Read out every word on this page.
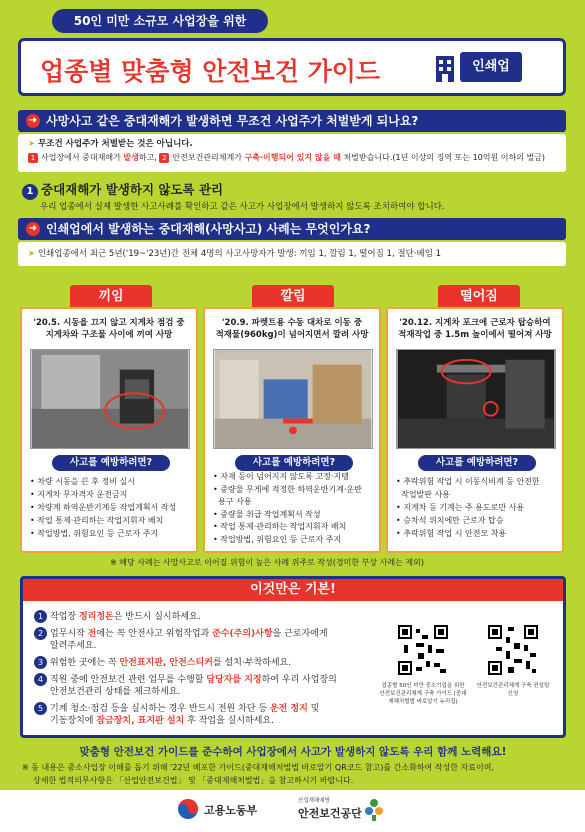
50인 미만 소규모 사업장을 위한
업종별 맞춤형 안전보건 가이드	인쇄업
➜ 사망사고 같은 중대재해가 발생하면 무조건 사업주가 처벌받게 되나요?
➤ 무조건 사업주가 처벌받는 것은 아닙니다.
1 사업장에서 중대재해가 발생하고, 2 안전보건관리체계가 구축·이행되어 있지 않을 때 처벌받습니다.(1년 이상의 징역 또는 10억원 이하의 벌금)
1 중대재해가 발생하지 않도록 관리
우리 업종에서 실제 발생한 사고사례를 확인하고 같은 사고가 사업장에서 발생하지 않도록 조치하여야 합니다.
➜ 인쇄업에서 발생하는 중대재해(사망사고) 사례는 무엇인가요?
➤ 인쇄업종에서 최근 5년('19~'23년)간 전체 4명의 사고사망자가 발생: 끼임 1, 깔림 1, 떨어짐 1, 절단·베임 1
끼임	깔림	떨어짐
'20.5. 시동을 끄지 않고 지게차 점검 중
지게차와 구조물 사이에 끼여 사망
사고를 예방하려면?
• 차량 시동을 끈 후 정비 실시
• 지게차 무자격자 운전금지
• 차량계 하역운반기계등 작업계획서 작성
• 작업 통제·관리하는 작업지휘자 배치
• 작업방법, 위험요인 등 근로자 주지
'20.9. 파렛트용 수동 대차로 이동 중
적재물(960kg)이 넘어지면서 깔려 사망
사고를 예방하려면?
• 자재 등이 넘어지지 않도록 고정·지탱
• 중량물 무게에 적정한 하역운반기계·운반
용구 사용
• 중량물 취급 작업계획서 작성
• 작업 통제·관리하는 작업지휘자 배치
• 작업방법, 위험요인 등 근로자 주지
'20.12. 지게차 포크에 근로자 탑승하여
적재작업 중 1.5m 높이에서 떨어져 사망
사고를 예방하려면?
• 추락위험 작업 시 이동식비계 등 안전한
작업발판 사용
• 지게차 등 기계는 주 용도로만 사용
• 승차석 위치에만 근로자 탑승
• 추락위험 작업 시 안전모 착용
※ 해당 사례는 사망사고로 이어질 위험이 높은 사례 위주로 작성(경미한 부상 사례는 제외)
이것만은 기본!
1 작업장 정리정돈은 반드시 실시하세요.
2 업무시작 전에는 꼭 안전사고 위험작업과 준수(주의)사항을 근로자에게
알려주세요.
3 위험한 곳에는 꼭 안전표지판, 안전스티커를 설치·부착하세요.
4 직원 중에 안전보건 관련 업무를 수행할 담당자를 지정하여 우리 사업장의
안전보건관리 상태를 체크하세요.
5 기계 청소·점검 등을 실시하는 경우 반드시 전원 차단 등 운전 정지 및
기동장치에 잠금장치, 표지판 설치 후 작업을 실시하세요.
업종별 50인 미만 중소기업을 위한 안전보건관리체계 구축 가이드 (중대재해처벌법 바로알기 누리집)
안전보건관리체계 구축 컨설팅 신청
맞춤형 안전보건 가이드를 준수하여 사업장에서 사고가 발생하지 않도록 우리 함께 노력해요!
※ 동 내용은 중소사업장 이해를 돕기 위해 '22년 배포한 가이드(중대재해처벌법 바로알기 QR코드 참고)를 간소화하여 작성한 자료이며,
상세한 법적의무사항은 「산업안전보건법」 및 「중대재해처벌법」을 참고하시기 바랍니다.
고용노동부
산업재해예방
안전보건공단
